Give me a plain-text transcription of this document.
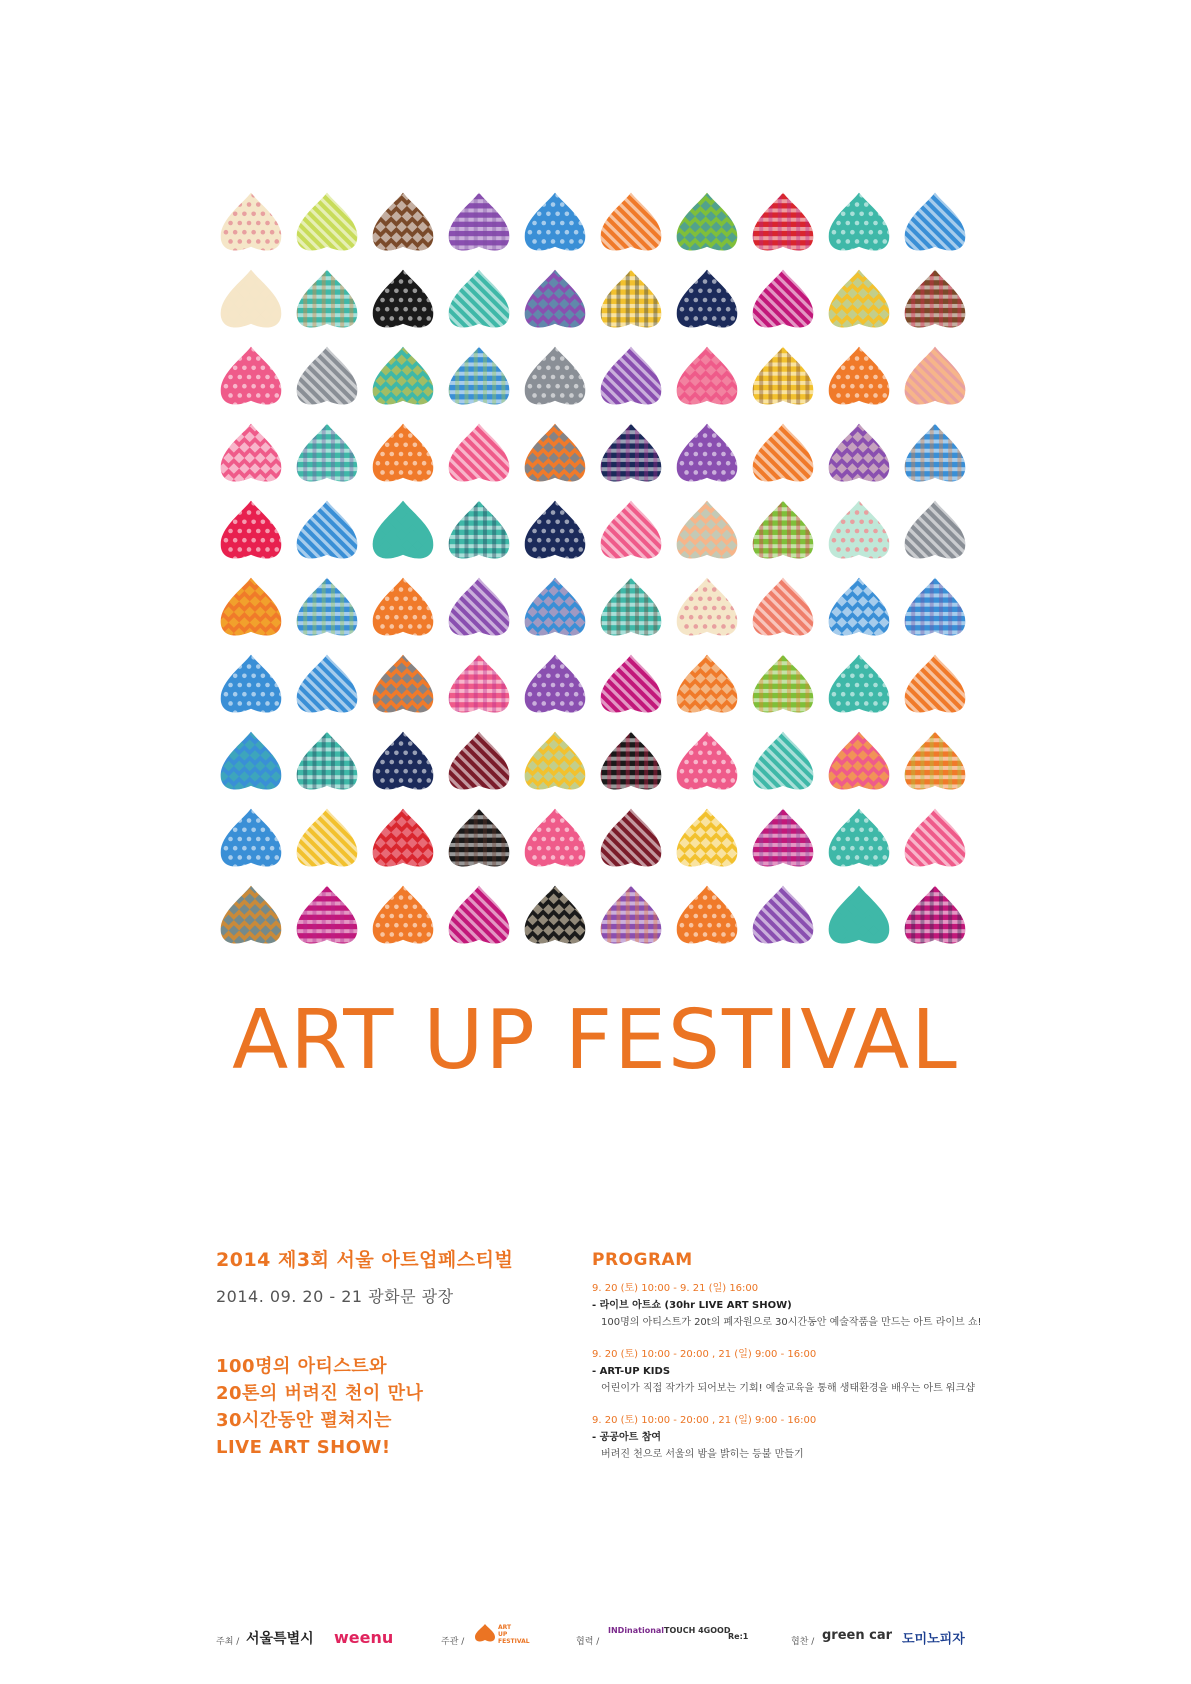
ART UP FESTIVAL
2014 제3회 서울 아트업페스티벌
2014. 09. 20 - 21 광화문 광장
100명의 아티스트와
20톤의 버려진 천이 만나
30시간동안 펼쳐지는
LIVE ART SHOW!
PROGRAM
9. 20 (토) 10:00 - 9. 21 (일) 16:00
- 라이브 아트쇼 (30hr LIVE ART SHOW)
100명의 아티스트가 20t의 폐자원으로 30시간동안 예술작품을 만드는 아트 라이브 쇼!
9. 20 (토) 10:00 - 20:00 , 21 (일) 9:00 - 16:00
- ART-UP KIDS
어린이가 직접 작가가 되어보는 기회! 예술교육을 통해 생태환경을 배우는 아트 워크샵
9. 20 (토) 10:00 - 20:00 , 21 (일) 9:00 - 16:00
- 공공아트 참여
버려진 천으로 서울의 밤을 밝히는 등불 만들기
주최 / 서울특별시 weenu	주관 /
ART
UP
FESTIVAL	협력 /
INDinational TOUCH 4GOOD
Re:1
협찬 / green car 도미노피자
